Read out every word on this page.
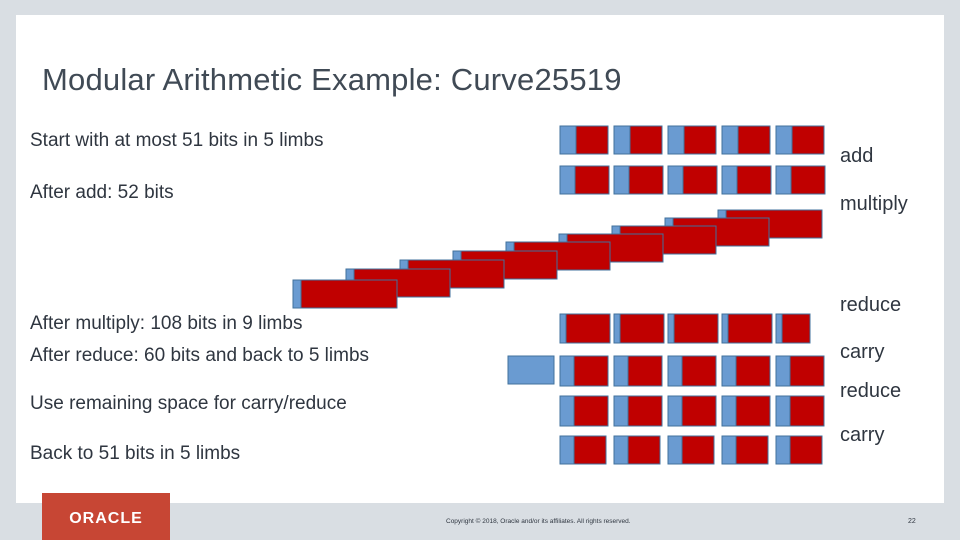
Modular Arithmetic Example: Curve25519
Start with at most 51 bits in 5 limbs
After add: 52 bits
After multiply: 108 bits in 9 limbs
After reduce: 60 bits and back to 5 limbs
Use remaining space for carry/reduce
Back to 51 bits in 5 limbs
add
multiply
reduce
carry
reduce
carry
ORACLE	Copyright © 2018, Oracle and/or its affiliates. All rights reserved.	22
